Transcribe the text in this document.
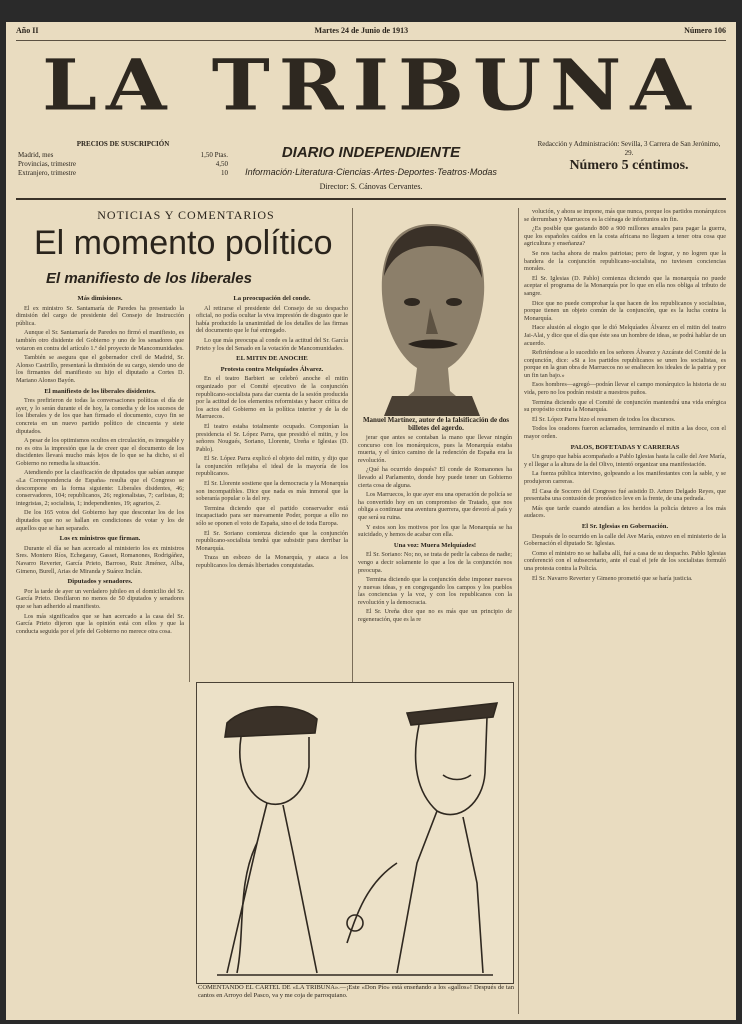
Año II	Martes 24 de Junio de 1913	Número 106
LA TRIBUNA
PRECIOS DE SUSCRIPCIÓN
Madrid, mes	1,50 Ptas.
Provincias, trimestre	4,50
Extranjero, trimestre	10
DIARIO INDEPENDIENTE
Información·Literatura·Ciencias·Artes·Deportes·Teatros·Modas
Director: S. Cánovas Cervantes.
Redacción y Administración: Sevilla, 3 Carrera de San Jerónimo, 29.
Número 5 céntimos.
NOTICIAS Y COMENTARIOS
El momento político
El manifiesto de los liberales
Más dimisiones.

El ex ministro Sr. Santamaría de Paredes ha presentado la dimisión del cargo de presidente del Consejo de Instrucción pública.

Aunque el Sr. Santamaría de Paredes no firmó el manifiesto, es también otro disidente del Gobierno y uno de los senadores que votaron en contra del artículo 1.º del proyecto de Mancomunidades.

También se asegura que el gobernador civil de Madrid, Sr. Alonso Castrillo, presentará la dimisión de su cargo, siendo uno de los firmantes del manifiesto su hijo el diputado a Cortes D. Mariano Alonso Bayón.

El manifiesto de los liberales disidentes.

Tres prefirieron de todas la conversaciones políticas el día de ayer, y lo serán durante el de hoy, la comedia y de los sucesos de los liberales y de los que han firmado el documento, cuyo fin se concreta en un nuevo partido político de cincuenta y siete diputados.

A pesar de los optimismos ocultos en circulación, es innegable y no es otra la impresión que la de creer que el documento de los discidentes llevará mucho más lejos de lo que se ha dicho, si el Gobierno no remedia la situación.

Atendiendo por la clasificación de diputados que sabían aunque «La Correspondencia de España» resulta que el Congreso se descompone en la forma siguiente: Liberales disidentes, 46; conservadores, 104; republicanos, 26; regionalistas, 7; carlistas, 8; integristas, 2; socialista, 1; independientes, 19; agrarios, 2.

De los 165 votos del Gobierno hay que descontar los de los diputados que no se hallan en condiciones de votar y los de aquellos que se han separado.

Los ex ministros que firman.

Durante el día se han acercado al ministerio los ex ministros Sres. Montero Ríos, Echegaray, Gasset, Romanones, Rodrigáñez, Navarro Reverter, García Prieto, Barroso, Ruiz Jiménez, Alba, Gimeno, Burell, Arias de Miranda y Suárez Inclán.

Diputados y senadores.

Por la tarde de ayer un verdadero jubileo en el domicilio del Sr. García Prieto. Desfilaron no menos de 50 diputados y senadores que se han adherido al manifiesto.

Los más significados que se han acercado a la casa del Sr. García Prieto dijeron que la opinión está con ellos y que la conducta seguida por el jefe del Gobierno no merece otra cosa.

La preocupación del conde.

Al retirarse el presidente del Consejo de su despacho oficial, no podía ocultar la viva impresión de disgusto que le había producido la unanimidad de los detalles de las firmas del documento que le fué entregado.

Lo que más preocupa al conde es la actitud del Sr. García Prieto y los del Senado en la votación de Mancomunidades.

EL MITIN DE ANOCHE
Protesta contra Melquíades Álvarez.

En el teatro Barbieri se celebró anoche el mitin organizado por el Comité ejecutivo de la conjunción republicano-socialista para dar cuenta de la sesión producida por la actitud de los elementos reformistas y hacer crítica de los actos del Gobierno en la política interior y de la de Marruecos.

El teatro estaba totalmente ocupado. Componían la presidencia el Sr. López Parra, que presidió el mitin, y los señores Nougués, Soriano, Llorente, Ureña e Iglesias (D. Pablo).

El Sr. López Parra explicó el objeto del mitin, y dijo que la conjunción reflejaba el ideal de la mayoría de los republicanos.

El Sr. Llorente sostiene que la democracia y la Monarquía son incompatibles. Dice que nada es más inmoral que la soberanía popular o la del rey.

Termina diciendo que el partido conservador está incapacitado para ser nuevamente Poder, porque a ello no sólo se oponen el voto de España, sino el de toda Europa.

El Sr. Soriano comienza diciendo que la conjunción republicano-socialista tendrá que subsistir para derribar la Monarquía.

Traza un esbozo de la Monarquía, y ataca a los republicanos los demás libertades conquistadas.

jerar que antes se contaban la mano que llevar ningún concurso con los monárquicos, pues la Monarquía estaba muerta, y el único camino de la redención de España era la revolución.

¿Qué ha ocurrido después? El conde de Romanones ha llevado al Parlamento, donde hoy puede tener un Gobierno cierta cosa de alguna.

Los Marruecos, lo que ayer era una operación de policía se ha convertido hoy en un compromiso de Tratado, que nos obliga a continuar una aventura guerrera, que devoró al país y que será su ruina.

Y estos son los motivos por los que la Monarquía se ha suicidado, y hemos de acabar con ella.

Una voz: Muera Melquíades!

El Sr. Soriano: No; no, se trata de pedir la cabeza de nadie; vengo a decir solamente lo que a los de la conjunción nos preocupa.

Termina diciendo que la conjunción debe imponer nuevos y nuevas ideas, y en congregando los campos y los pueblos las conciencias y la voz, y con los republicanos con la revolución y la democracia.

El Sr. Ureña dice que no es más que un principio de regeneración, que es la re

volución, y ahora se impone, más que nunca, porque los partidos monárquicos se derrumban y Marruecos es la ciénaga de infortunios sin fin.

¿Es posible que gastando 800 a 900 millones anuales para pagar la guerra, que los españoles caídos en la costa africana no lleguen a tener otra cosa que agricultura y enseñanza?

Se nos tacha ahora de malos patriotas; pero de lograr, y no logren que la bandera de la conjunción republicano-socialista, no tuviesen conciencias morales.

El Sr. Iglesias (D. Pablo) comienza diciendo que la monarquía no puede aceptar el programa de la Monarquía por lo que en ella nos obliga al tributo de sangre.

Dice que no puede comprobar la que hacen de los republicanos y socialistas, porque tienen un objeto común de la conjunción, que es la lucha contra la Monarquía.

Hace alusión al elogio que le dió Melquíades Álvarez en el mitin del teatro Jai-Alai, y dice que el día que éste sea un hombre de ideas, se podrá hablar de un acuerdo.

Refiriéndose a lo sucedido en los señores Álvarez y Azcárate del Comité de la conjunción, dice: «Si a los partidos republicanos se unen los socialistas, es porque en la gran obra de Marruecos no se enaltecen los ideales de la patria y por un fin tan bajo.»

Esos hombres—agregó—podrán llevar el campo monárquico la historia de su vida, pero no los podrán resistir a nuestros puños.

Termina diciendo que el Comité de conjunción mantendrá una vida enérgica su propósito contra la Monarquía.

El Sr. López Parra hizo el resumen de todos los discursos.

Todos los oradores fueron aclamados, terminando el mitin a las doce, con el mayor orden.

PALOS, BOFETADAS Y CARRERAS

Un grupo que había acompañado a Pablo Iglesias hasta la calle del Ave María, y el llegar a la altura de la del Olivo, intentó organizar una manifestación.

La fuerza pública intervino, golpeando a los manifestantes con la sable, y se produjeron carreras.

El Casa de Socorro del Congreso fué asistido D. Arturo Delgado Reyes, que presentaba una contusión de pronóstico leve en la frente, de una pedrada.

Más que tarde cuando atendían a los heridos la policía detuvo a los más audaces.

El Sr. Iglesias en Gobernación.

Después de lo ocurrido en la calle del Ave María, estuvo en el ministerio de la Gobernación el diputado Sr. Iglesias.

Como el ministro no se hallaba allí, fué a casa de su despacho. Pablo Iglesias conferenció con el subsecretario, ante el cual el jefe de los socialistas formuló una protesta contra la Policía.

El Sr. Navarro Reverter y Gimeno prometió que se haría justicia.

Manuel Martínez, autor de la falsificación de dos billetes del agerdo.
COMENTANDO EL CARTEL DE «LA TRIBUNA».—¡Este «Don Pío» está enseñando a los «gallos»! Después de tan cantos en Arroyo del Pasco, va y me coja de parroquiano.
